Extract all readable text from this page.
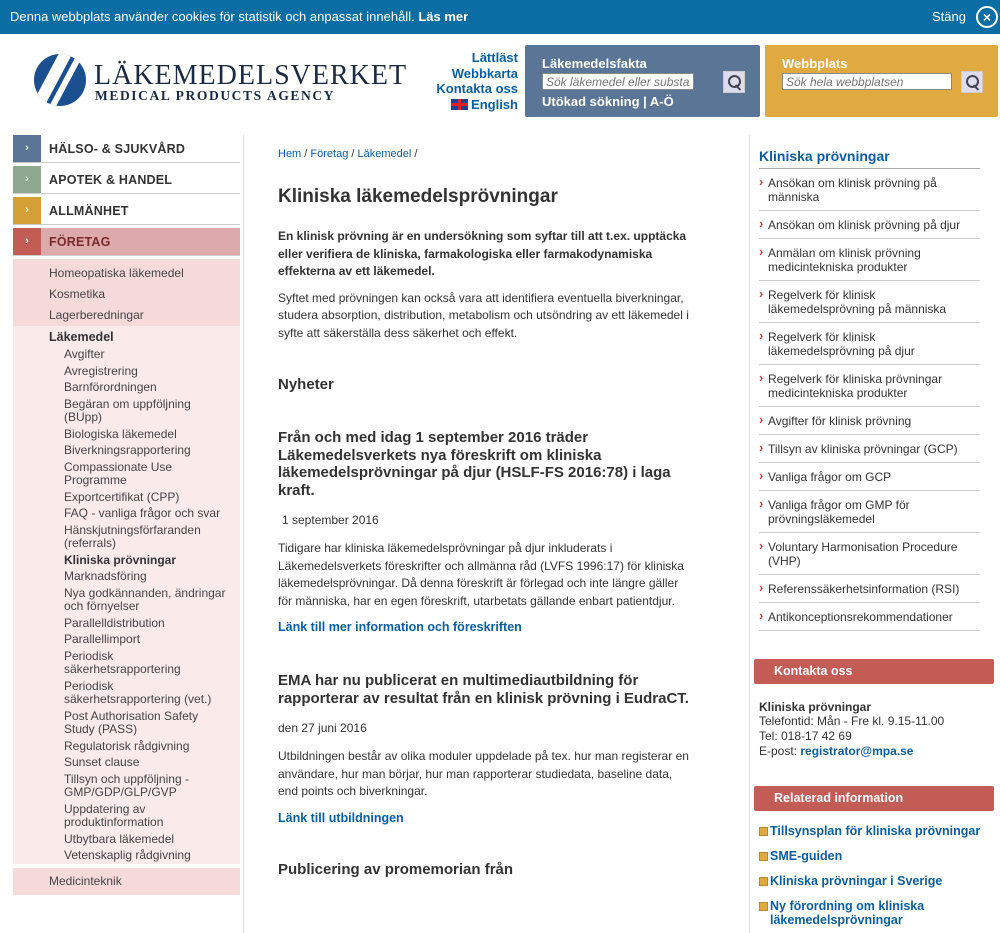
Denna webbplats använder cookies för statistik och anpassat innehåll. Läs mer	Stäng	×
LÄKEMEDELSVERKET
MEDICAL PRODUCTS AGENCY
Lättläst
Webbkarta
Kontakta oss
English
Läkemedelsfakta
Sök läkemedel eller substans
Utökad sökning | A-Ö
Webbplats
Sök hela webbplatsen
›	HÄLSO- & SJUKVÅRD
›	APOTEK & HANDEL
›	ALLMÄNHET
›	FÖRETAG
Homeopatiska läkemedel
Kosmetika
Lagerberedningar
Läkemedel
Avgifter
Avregistrering
Barnförordningen
Begäran om uppföljning (BUpp)
Biologiska läkemedel
Biverkningsrapportering
Compassionate Use Programme
Exportcertifikat (CPP)
FAQ - vanliga frågor och svar
Hänskjutningsförfaranden (referrals)
Kliniska prövningar
Marknadsföring
Nya godkännanden, ändringar och förnyelser
Parallelldistribution
Parallellimport
Periodisk säkerhetsrapportering
Periodisk säkerhetsrapportering (vet.)
Post Authorisation Safety Study (PASS)
Regulatorisk rådgivning
Sunset clause
Tillsyn och uppföljning - GMP/GDP/GLP/GVP
Uppdatering av produktinformation
Utbytbara läkemedel
Vetenskaplig rådgivning
Medicinteknik
Hem / Företag / Läkemedel /
Kliniska läkemedelsprövningar
En klinisk prövning är en undersökning som syftar till att t.ex. upptäcka eller verifiera de kliniska, farmakologiska eller farmakodynamiska effekterna av ett läkemedel.
Syftet med prövningen kan också vara att identifiera eventuella biverkningar, studera absorption, distribution, metabolism och utsöndring av ett läkemedel i syfte att säkerställa dess säkerhet och effekt.
Nyheter
Från och med idag 1 september 2016 träder Läkemedelsverkets nya föreskrift om kliniska läkemedelsprövningar på djur (HSLF-FS 2016:78) i laga kraft.
1 september 2016
Tidigare har kliniska läkemedelsprövningar på djur inkluderats i Läkemedelsverkets föreskrifter och allmänna råd (LVFS 1996:17) för kliniska läkemedelsprövningar. Då denna föreskrift är förlegad och inte längre gäller för människa, har en egen föreskrift, utarbetats gällande enbart patientdjur.
Länk till mer information och föreskriften
EMA har nu publicerat en multimediautbildning för rapporterar av resultat från en klinisk prövning i EudraCT.
den 27 juni 2016
Utbildningen består av olika moduler uppdelade på tex. hur man registerar en användare, hur man börjar, hur man rapporterar studiedata, baseline data, end points och biverkningar.
Länk till utbildningen
Publicering av promemorian från
Kliniska prövningar
› Ansökan om klinisk prövning på människa
› Ansökan om klinisk prövning på djur
› Anmälan om klinisk prövning medicintekniska produkter
› Regelverk för klinisk läkemedelsprövning på människa
› Regelverk för klinisk läkemedelsprövning på djur
› Regelverk för kliniska prövningar medicintekniska produkter
› Avgifter för klinisk prövning
› Tillsyn av kliniska prövningar (GCP)
› Vanliga frågor om GCP
› Vanliga frågor om GMP för prövningsläkemedel
› Voluntary Harmonisation Procedure (VHP)
› Referenssäkerhetsinformation (RSI)
› Antikonceptionsrekommendationer
Kontakta oss
Kliniska prövningar
Telefontid: Mån - Fre kl. 9.15-11.00
Tel: 018-17 42 69
E-post: registrator@mpa.se
Relaterad information
Tillsynsplan för kliniska prövningar
SME-guiden
Kliniska prövningar i Sverige
Ny förordning om kliniska läkemedelsprövningar
